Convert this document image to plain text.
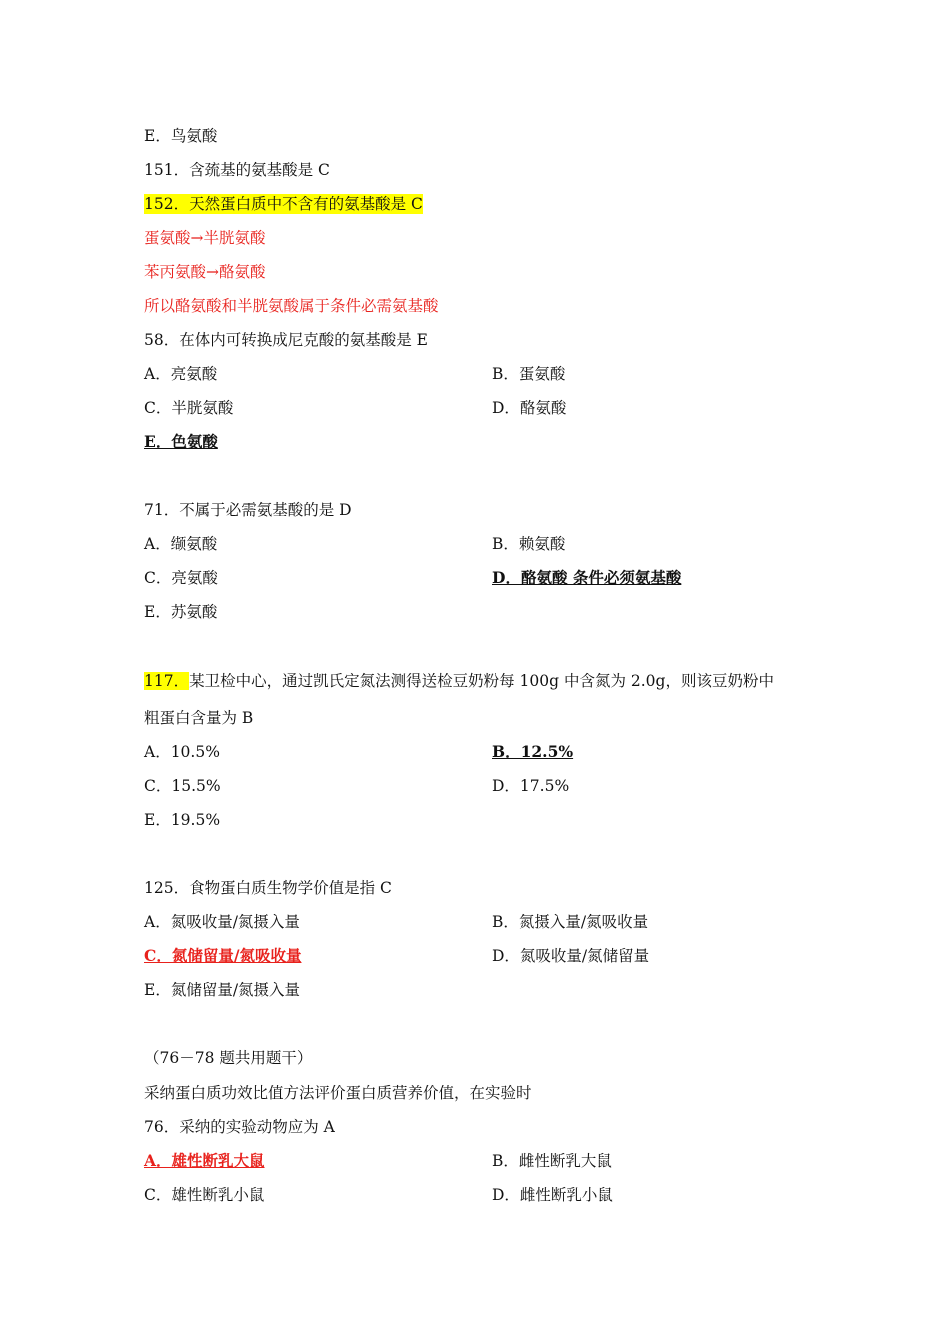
E．鸟氨酸
151．含巯基的氨基酸是 C
152．天然蛋白质中不含有的氨基酸是 C
蛋氨酸→半胱氨酸
苯丙氨酸→酪氨酸
所以酪氨酸和半胱氨酸属于条件必需氨基酸
58．在体内可转换成尼克酸的氨基酸是 E
A．亮氨酸	B．蛋氨酸
C．半胱氨酸	D．酪氨酸
E．色氨酸
71．不属于必需氨基酸的是 D
A．缬氨酸	B．赖氨酸
C．亮氨酸	D．酪氨酸 条件必须氨基酸
E．苏氨酸
117．某卫检中心，通过凯氏定氮法测得送检豆奶粉每 100g 中含氮为 2.0g，则该豆奶粉中
粗蛋白含量为 B
A．10.5%	B．12.5%
C．15.5%	D．17.5%
E．19.5%
125．食物蛋白质生物学价值是指 C
A．氮吸收量/氮摄入量	B．氮摄入量/氮吸收量
C．氮储留量/氮吸收量	D．氮吸收量/氮储留量
E．氮储留量/氮摄入量
（76－78 题共用题干）
采纳蛋白质功效比值方法评价蛋白质营养价值，在实验时
76．采纳的实验动物应为 A
A．雄性断乳大鼠	B．雌性断乳大鼠
C．雄性断乳小鼠	D．雌性断乳小鼠
